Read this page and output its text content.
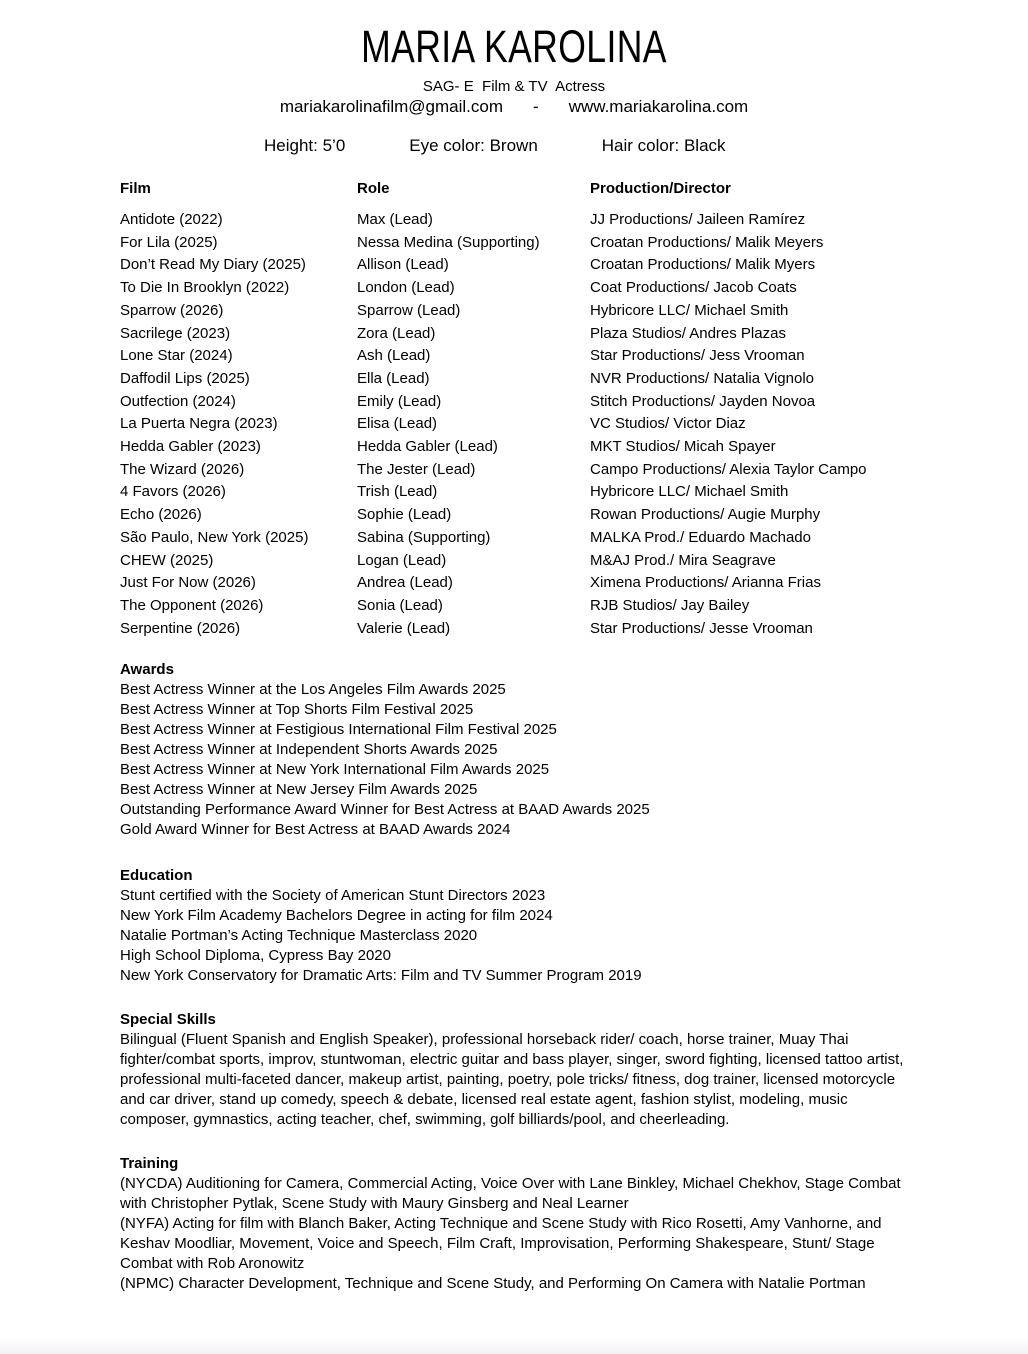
MARIA KAROLINA
SAG- E  Film & TV  Actress
mariakarolinafilm@gmail.com - www.mariakarolina.com
Height: 5’0	Eye color: Brown	Hair color: Black
Film	Role	Production/Director
Antidote (2022)	Max (Lead)	JJ Productions/ Jaileen Ramírez
For Lila (2025)	Nessa Medina (Supporting)	Croatan Productions/ Malik Meyers
Don’t Read My Diary (2025)	Allison (Lead)	Croatan Productions/ Malik Myers
To Die In Brooklyn (2022)	London (Lead)	Coat Productions/ Jacob Coats
Sparrow (2026)	Sparrow (Lead)	Hybricore LLC/ Michael Smith
Sacrilege (2023)	Zora (Lead)	Plaza Studios/ Andres Plazas
Lone Star (2024)	Ash (Lead)	Star Productions/ Jess Vrooman
Daffodil Lips (2025)	Ella (Lead)	NVR Productions/ Natalia Vignolo
Outfection (2024)	Emily (Lead)	Stitch Productions/ Jayden Novoa
La Puerta Negra (2023)	Elisa (Lead)	VC Studios/ Victor Diaz
Hedda Gabler (2023)	Hedda Gabler (Lead)	MKT Studios/ Micah Spayer
The Wizard (2026)	The Jester (Lead)	Campo Productions/ Alexia Taylor Campo
4 Favors (2026)	Trish (Lead)	Hybricore LLC/ Michael Smith
Echo (2026)	Sophie (Lead)	Rowan Productions/ Augie Murphy
São Paulo, New York (2025)	Sabina (Supporting)	MALKA Prod./ Eduardo Machado
CHEW (2025)	Logan (Lead)	M&AJ Prod./ Mira Seagrave
Just For Now (2026)	Andrea (Lead)	Ximena Productions/ Arianna Frias
The Opponent (2026)	Sonia (Lead)	RJB Studios/ Jay Bailey
Serpentine (2026)	Valerie (Lead)	Star Productions/ Jesse Vrooman
Awards
Best Actress Winner at the Los Angeles Film Awards 2025
Best Actress Winner at Top Shorts Film Festival 2025
Best Actress Winner at Festigious International Film Festival 2025
Best Actress Winner at Independent Shorts Awards 2025
Best Actress Winner at New York International Film Awards 2025
Best Actress Winner at New Jersey Film Awards 2025
Outstanding Performance Award Winner for Best Actress at BAAD Awards 2025
Gold Award Winner for Best Actress at BAAD Awards 2024
Education
Stunt certified with the Society of American Stunt Directors 2023
New York Film Academy Bachelors Degree in acting for film 2024
Natalie Portman’s Acting Technique Masterclass 2020
High School Diploma, Cypress Bay 2020
New York Conservatory for Dramatic Arts: Film and TV Summer Program 2019
Special Skills
Bilingual (Fluent Spanish and English Speaker), professional horseback rider/ coach, horse trainer, Muay Thai fighter/combat sports, improv, stuntwoman, electric guitar and bass player, singer, sword fighting, licensed tattoo artist, professional multi-faceted dancer, makeup artist, painting, poetry, pole tricks/ fitness, dog trainer, licensed motorcycle and car driver, stand up comedy, speech & debate, licensed real estate agent, fashion stylist, modeling, music composer, gymnastics, acting teacher, chef, swimming, golf billiards/pool, and cheerleading.
Training
(NYCDA) Auditioning for Camera, Commercial Acting, Voice Over with Lane Binkley, Michael Chekhov, Stage Combat with Christopher Pytlak, Scene Study with Maury Ginsberg and Neal Learner
(NYFA) Acting for film with Blanch Baker, Acting Technique and Scene Study with Rico Rosetti, Amy Vanhorne, and Keshav Moodliar, Movement, Voice and Speech, Film Craft, Improvisation, Performing Shakespeare, Stunt/ Stage Combat with Rob Aronowitz
(NPMC) Character Development, Technique and Scene Study, and Performing On Camera with Natalie Portman
